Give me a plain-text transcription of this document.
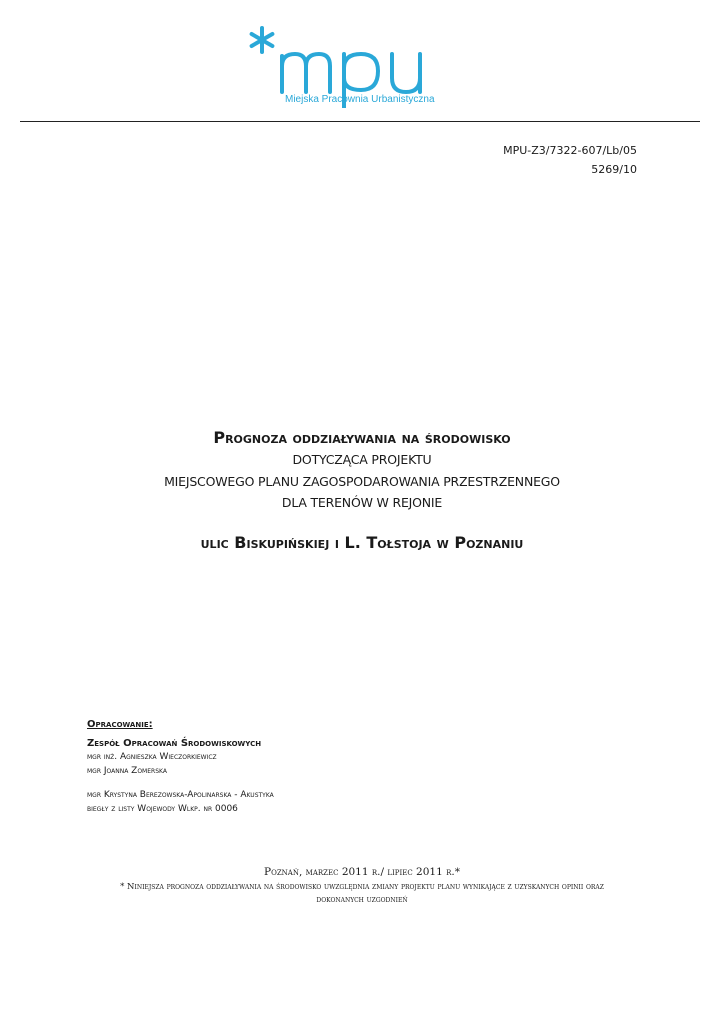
Miejska Pracownia Urbanistyczna
MPU-Z3/7322-607/Lb/05
5269/10
Prognoza oddziaływania na środowisko
DOTYCZĄCA PROJEKTU
MIEJSCOWEGO PLANU ZAGOSPODAROWANIA PRZESTRZENNEGO
DLA TERENÓW W REJONIE
ulic Biskupińskiej i L. Tołstoja w Poznaniu
Opracowanie:
Zespół Opracowań Środowiskowych
mgr inż. Agnieszka Wieczorkiewicz
mgr Joanna Zomerska
mgr Krystyna Berezowska-Apolinarska - Akustyka
biegły z listy Wojewody Wlkp. nr 0006
Poznań, marzec 2011 r./ lipiec 2011 r.*
* Niniejsza prognoza oddziaływania na środowisko uwzględnia zmiany projektu planu wynikające z uzyskanych opinii oraz
dokonanych uzgodnień
